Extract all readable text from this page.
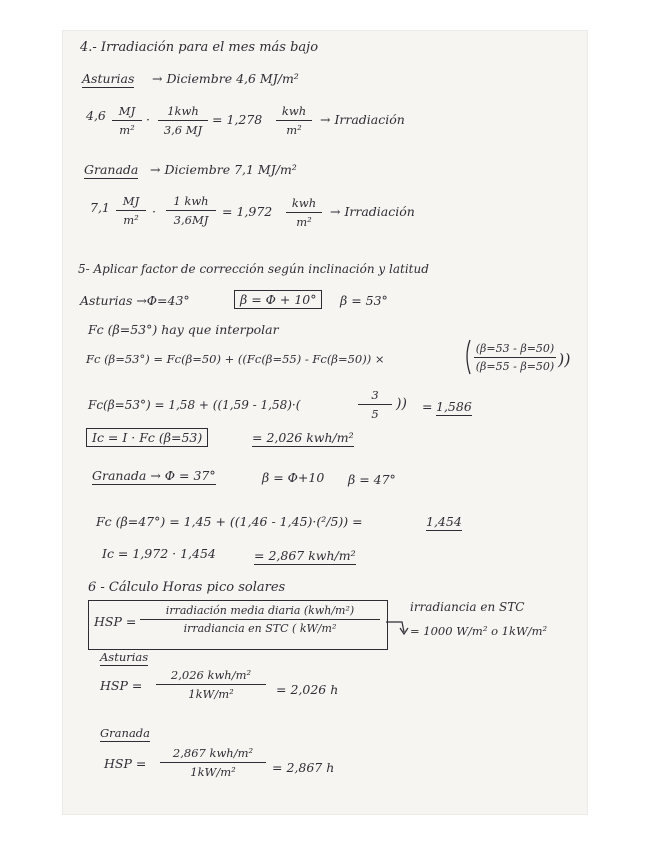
4.- Irradiación para el mes más bajo
Asturias → Diciembre 4,6 MJ/m²
4,6	MJ
m²
·
1kwh
3,6 MJ
= 1,278
kwh
m²
→ Irradiación
Granada → Diciembre 7,1 MJ/m²
7,1	MJ
m²
·
1 kwh
3,6MJ
= 1,972
kwh
m²
→ Irradiación
5- Aplicar factor de corrección según inclinación y latitud
Asturias →Φ=43°	β = Φ + 10°	β = 53°
Fc (β=53°) hay que interpolar
Fc (β=53°) = Fc(β=50) + ((Fc(β=55) - Fc(β=50)) ×
(β=53 - β=50)
(β=55 - β=50) ))
Fc(β=53°) = 1,58 + ((1,59 - 1,58)·(
3
5
)) = 1,586
Ic = I · Fc (β=53)	= 2,026 kwh/m²
Granada → Φ = 37°	β = Φ+10 β = 47°
Fc (β=47°) = 1,45 + ((1,46 - 1,45)·(²/5)) =	1,454
Ic = 1,972 · 1,454	= 2,867 kwh/m²
6 - Cálculo Horas pico solares
HSP =
irradiación media diaria (kwh/m²)
irradiancia en STC ( kW/m²
irradiancia en STC
= 1000 W/m² o 1kW/m²
Asturias
HSP =
2,026 kwh/m²
1kW/m²	= 2,026 h
Granada
HSP =
2,867 kwh/m²
1kW/m²	= 2,867 h
